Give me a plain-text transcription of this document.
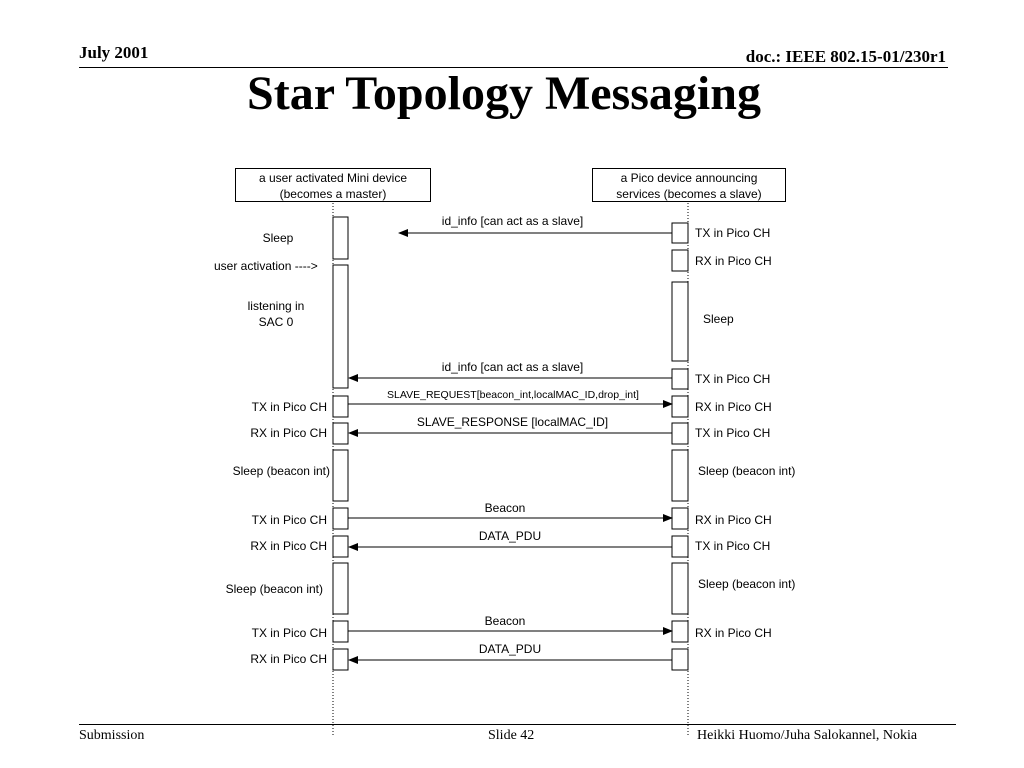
July 2001	doc.: IEEE 802.15-01/230r1
Star Topology Messaging
a user activated Mini device
(becomes a master)
a Pico device announcing
services (becomes a slave)
Sleep
user activation ---->
listening in
SAC 0
TX in Pico CH
RX in Pico CH
Sleep (beacon int)
TX in Pico CH
RX in Pico CH
Sleep (beacon int)
TX in Pico CH
RX in Pico CH
TX in Pico CH
RX in Pico CH
Sleep
TX in Pico CH
RX in Pico CH
TX in Pico CH
Sleep (beacon int)
RX in Pico CH
TX in Pico CH
Sleep (beacon int)
RX in Pico CH
id_info [can act as a slave]
id_info [can act as a slave]
SLAVE_REQUEST[beacon_int,localMAC_ID,drop_int]
SLAVE_RESPONSE [localMAC_ID]
Beacon
DATA_PDU
Beacon
DATA_PDU
Submission	Slide 42	Heikki Huomo/Juha Salokannel, Nokia
